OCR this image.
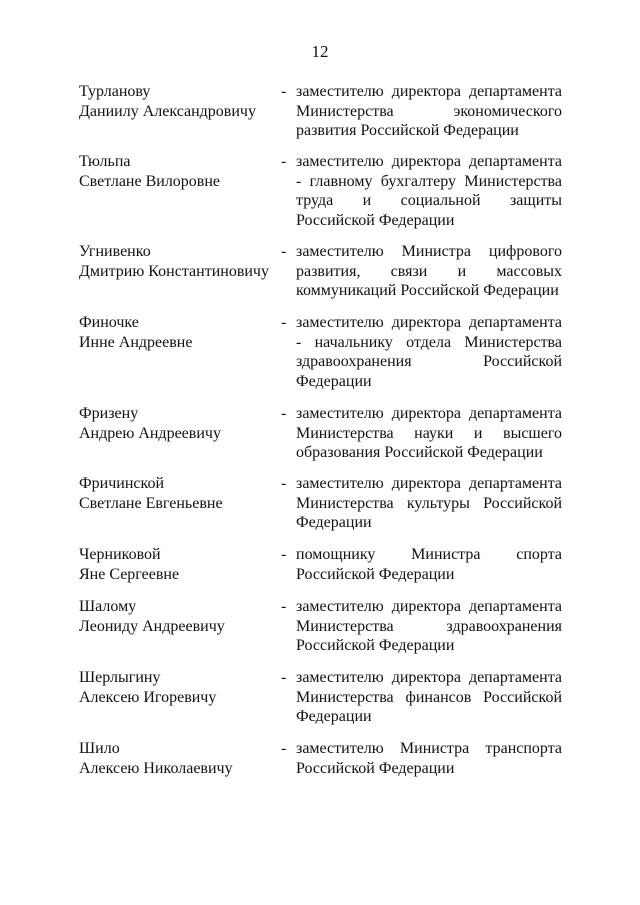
12
Турланову
Даниилу Александровичу
- заместителю директора департамента Министерства экономического развития Российской Федерации
Тюльпа
Светлане Вилоровне
- заместителю директора департамента - главному бухгалтеру Министерства труда и социальной защиты Российской Федерации
Угнивенко
Дмитрию Константиновичу
- заместителю Министра цифрового развития, связи и массовых коммуникаций Российской Федерации
Финочке
Инне Андреевне
- заместителю директора департамента - начальнику отдела Министерства здравоохранения Российской Федерации
Фризену
Андрею Андреевичу
- заместителю директора департамента Министерства науки и высшего образования Российской Федерации
Фричинской
Светлане Евгеньевне
- заместителю директора департамента Министерства культуры Российской Федерации
Черниковой
Яне Сергеевне
- помощнику Министра спорта Российской Федерации
Шалому
Леониду Андреевичу
- заместителю директора департамента Министерства здравоохранения Российской Федерации
Шерлыгину
Алексею Игоревичу
- заместителю директора департамента Министерства финансов Российской Федерации
Шило
Алексею Николаевичу
- заместителю Министра транспорта Российской Федерации
